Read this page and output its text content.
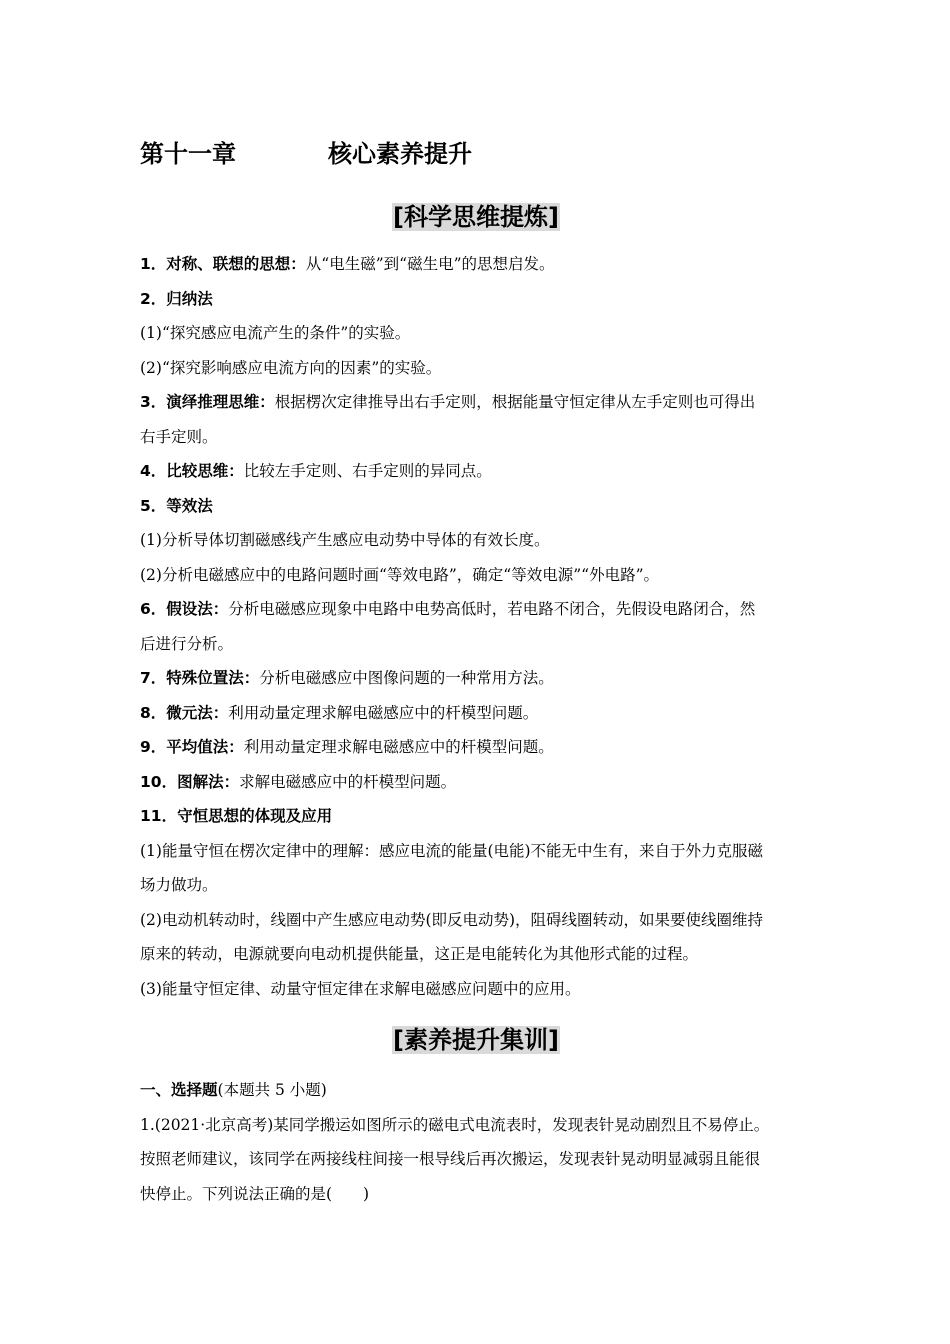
第十一章	核心素养提升
[科学思维提炼]
1．对称、联想的思想：从“电生磁”到“磁生电”的思想启发。
2．归纳法
(1)“探究感应电流产生的条件”的实验。
(2)“探究影响感应电流方向的因素”的实验。
3．演绎推理思维：根据楞次定律推导出右手定则，根据能量守恒定律从左手定则也可得出
右手定则。
4．比较思维：比较左手定则、右手定则的异同点。
5．等效法
(1)分析导体切割磁感线产生感应电动势中导体的有效长度。
(2)分析电磁感应中的电路问题时画“等效电路”，确定“等效电源”“外电路”。
6．假设法：分析电磁感应现象中电路中电势高低时，若电路不闭合，先假设电路闭合，然
后进行分析。
7．特殊位置法：分析电磁感应中图像问题的一种常用方法。
8．微元法：利用动量定理求解电磁感应中的杆模型问题。
9．平均值法：利用动量定理求解电磁感应中的杆模型问题。
10．图解法：求解电磁感应中的杆模型问题。
11．守恒思想的体现及应用
(1)能量守恒在楞次定律中的理解：感应电流的能量(电能)不能无中生有，来自于外力克服磁
场力做功。
(2)电动机转动时，线圈中产生感应电动势(即反电动势)，阻碍线圈转动，如果要使线圈维持
原来的转动，电源就要向电动机提供能量，这正是电能转化为其他形式能的过程。
(3)能量守恒定律、动量守恒定律在求解电磁感应问题中的应用。
[素养提升集训]
一、选择题(本题共 5 小题)
1.(2021·北京高考)某同学搬运如图所示的磁电式电流表时，发现表针晃动剧烈且不易停止。
按照老师建议，该同学在两接线柱间接一根导线后再次搬运，发现表针晃动明显减弱且能很
快停止。下列说法正确的是(　　)
